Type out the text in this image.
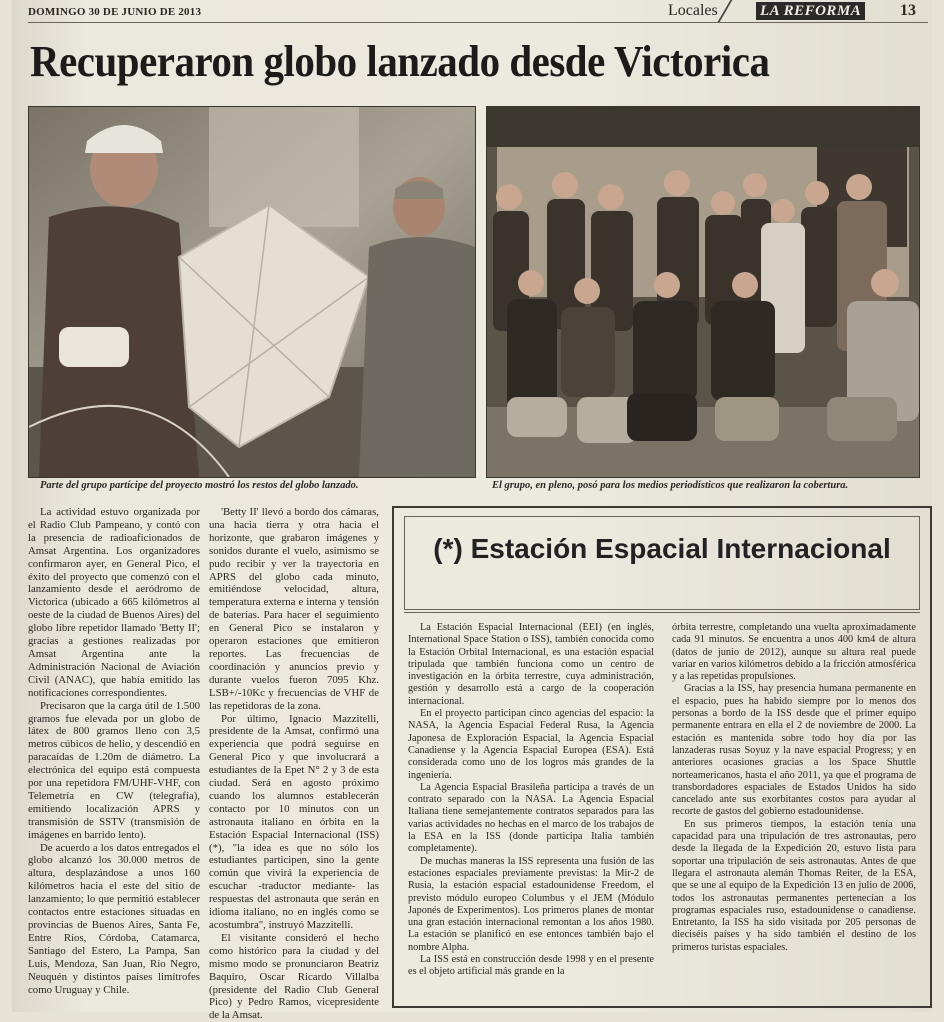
DOMINGO 30 DE JUNIO DE 2013	Locales	LA REFORMA 13
Recuperaron globo lanzado desde Victorica
Parte del grupo partícipe del proyecto mostró los restos del globo lanzado.	El grupo, en pleno, posó para los medios periodísticos que realizaron la cobertura.

La actividad estuvo organizada por el Radio Club Pampeano, y contó con la presencia de radioaficionados de Amsat Argentina. Los organizadores confirmaron ayer, en General Pico, el éxito del proyecto que comenzó con el lanzamiento desde el aeródromo de Victorica (ubicado a 665 kilómetros al oeste de la ciudad de Buenos Aires) del globo libre repetidor llamado 'Betty II'; gracias a gestiones realizadas por Amsat Argentina ante la Administración Nacional de Aviación Civil (ANAC), que había emitido las notificaciones correspondientes.

Precisaron que la carga útil de 1.500 gramos fue elevada por un globo de látex de 800 gramos lleno con 3,5 metros cúbicos de helio, y descendió en paracaídas de 1.20m de diámetro. La electrónica del equipo está compuesta por una repetidora FM/UHF-VHF, con Telemetría en CW (telegrafía), emitiendo localización APRS y transmisión de SSTV (transmisión de imágenes en barrido lento).

De acuerdo a los datos entregados el globo alcanzó los 30.000 metros de altura, desplazándose a unos 160 kilómetros hacia el este del sitio de lanzamiento; lo que permitió establecer contactos entre estaciones situadas en provincias de Buenos Aires, Santa Fe, Entre Ríos, Córdoba, Catamarca, Santiago del Estero, La Pampa, San Luis, Mendoza, San Juan, Río Negro, Neuquén y distintos países limítrofes como Uruguay y Chile.

'Betty II' llevó a bordo dos cámaras, una hacia tierra y otra hacia el horizonte, que grabaron imágenes y sonidos durante el vuelo, asimismo se pudo recibir y ver la trayectoria en APRS del globo cada minuto, emitiéndose velocidad, altura, temperatura externa e interna y tensión de baterías. Para hacer el seguimiento en General Pico se instalaron y operaron estaciones que emitieron reportes. Las frecuencias de coordinación y anuncios previo y durante vuelos fueron 7095 Khz. LSB+/-10Kc y frecuencias de VHF de las repetidoras de la zona.

Por último, Ignacio Mazzitelli, presidente de la Amsat, confirmó una experiencia que podrá seguirse en General Pico y que involucrará a estudiantes de la Epet N° 2 y 3 de esta ciudad. Será en agosto próximo cuando los alumnos establecerán contacto por 10 minutos con un astronauta italiano en órbita en la Estación Espacial Internacional (ISS) (*), "la idea es que no sólo los estudiantes participen, sino la gente común que vivirá la experiencia de escuchar -traductor mediante- las respuestas del astronauta que serán en idioma italiano, no en inglés como se acostumbra", instruyó Mazzitelli.

El visitante consideró el hecho como histórico para la ciudad y del mismo modo se pronunciaron Beatriz Baquiro, Oscar Ricardo Villalba (presidente del Radio Club General Pico) y Pedro Ramos, vicepresidente de la Amsat.

(*) Estación Espacial Internacional

La Estación Espacial Internacional (EEI) (en inglés, International Space Station o ISS), también conocida como la Estación Orbital Internacional, es una estación espacial tripulada que también funciona como un centro de investigación en la órbita terrestre, cuya administración, gestión y desarrollo está a cargo de la cooperación internacional.

En el proyecto participan cinco agencias del espacio: la NASA, la Agencia Espacial Federal Rusa, la Agencia Japonesa de Exploración Espacial, la Agencia Espacial Canadiense y la Agencia Espacial Europea (ESA). Está considerada como uno de los logros más grandes de la ingeniería.

La Agencia Espacial Brasileña participa a través de un contrato separado con la NASA. La Agencia Espacial Italiana tiene semejantemente contratos separados para las varias actividades no hechas en el marco de los trabajos de la ESA en la ISS (donde participa Italia también completamente).

De muchas maneras la ISS representa una fusión de las estaciones espaciales previamente previstas: la Mir-2 de Rusia, la estación espacial estadounidense Freedom, el previsto módulo europeo Columbus y el JEM (Módulo Japonés de Experimentos). Los primeros planes de montar una gran estación internacional remontan a los años 1980. La estación se planificó en ese entonces también bajo el nombre Alpha.

La ISS está en construcción desde 1998 y en el presente es el objeto artificial más grande en la

órbita terrestre, completando una vuelta aproximadamente cada 91 minutos. Se encuentra a unos 400 km4 de altura (datos de junio de 2012), aunque su altura real puede variar en varios kilómetros debido a la fricción atmosférica y a las repetidas propulsiones.

Gracias a la ISS, hay presencia humana permanente en el espacio, pues ha habido siempre por lo menos dos personas a bordo de la ISS desde que el primer equipo permanente entrara en ella el 2 de noviembre de 2000. La estación es mantenida sobre todo hoy día por las lanzaderas rusas Soyuz y la nave espacial Progress; y en anteriores ocasiones gracias a los Space Shuttle norteamericanos, hasta el año 2011, ya que el programa de transbordadores espaciales de Estados Unidos ha sido cancelado ante sus exorbitantes costos para ayudar al recorte de gastos del gobierno estadounidense.

En sus primeros tiempos, la estación tenía una capacidad para una tripulación de tres astronautas, pero desde la llegada de la Expedición 20, estuvo lista para soportar una tripulación de seis astronautas. Antes de que llegara el astronauta alemán Thomas Reiter, de la ESA, que se une al equipo de la Expedición 13 en julio de 2006, todos los astronautas permanentes pertenecían a los programas espaciales ruso, estadounidense o canadiense. Entretanto, la ISS ha sido visitada por 205 personas de dieciséis países y ha sido también el destino de los primeros turistas espaciales.
